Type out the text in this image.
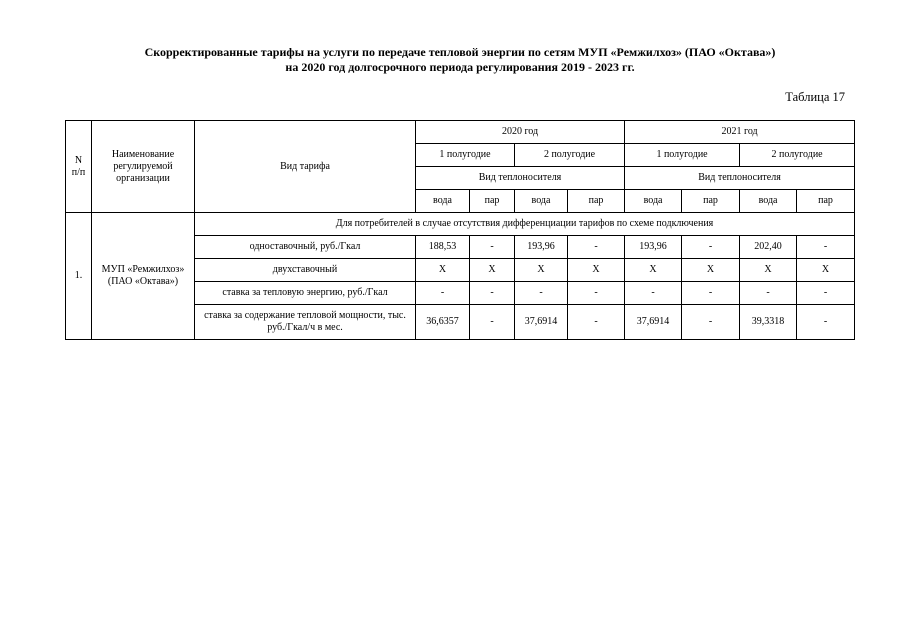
Скорректированные тарифы на услуги по передаче тепловой энергии по сетям МУП «Ремжилхоз» (ПАО «Октава»)
на 2020 год долгосрочного периода регулирования 2019 - 2023 гг.
Таблица 17
N
п/п	Наименование регулируемой организации	Вид тарифа	2020 год				2021 год			
			1 полугодие		2 полугодие		1 полугодие		2 полугодие	
			Вид теплоносителя				Вид теплоносителя			
			вода	пар	вода	пар	вода	пар	вода	пар
1.	МУП «Ремжилхоз» (ПАО «Октава»)	Для потребителей в случае отсутствия дифференциации тарифов по схеме подключения								
		одноставочный, руб./Гкал	188,53	-	193,96	-	193,96	-	202,40	-
		двухставочный	X	X	X	X	X	X	X	X
		ставка за тепловую энергию, руб./Гкал	-	-	-	-	-	-	-	-
		ставка за содержание тепловой мощности, тыс. руб./Гкал/ч в мес.	36,6357	-	37,6914	-	37,6914	-	39,3318	-
